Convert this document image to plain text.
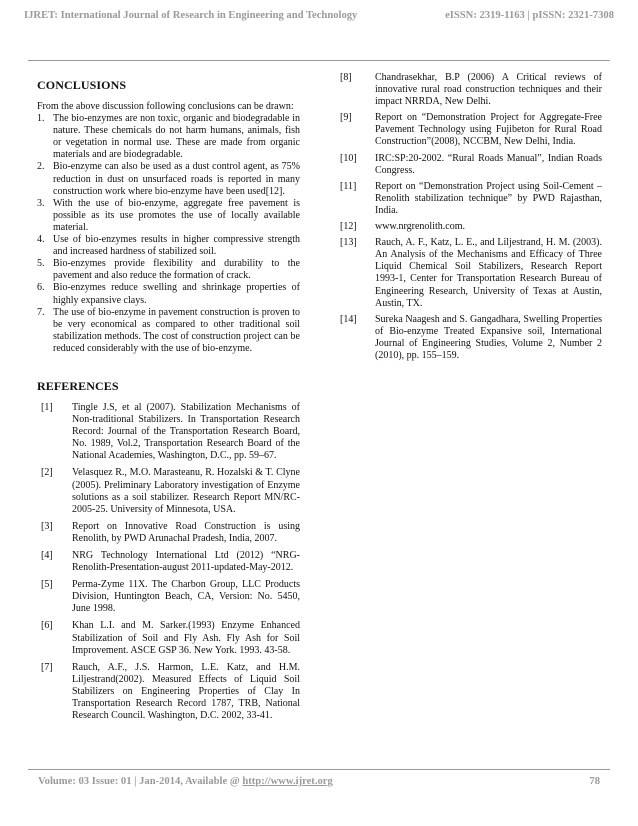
IJRET: International Journal of Research in Engineering and Technology	eISSN: 2319-1163 | pISSN: 2321-7308
CONCLUSIONS

From the above discussion following conclusions can be drawn:

1. The bio-enzymes are non toxic, organic and biodegradable in nature. These chemicals do not harm humans, animals, fish or vegetation in normal use. These are made from organic materials and are biodegradable.
2. Bio-enzyme can also be used as a dust control agent, as 75% reduction in dust on unsurfaced roads is reported in many construction work where bio-enzyme have been used[12].
3. With the use of bio-enzyme, aggregate free pavement is possible as its use promotes the use of locally available material.
4. Use of bio-enzymes results in higher compressive strength and increased hardness of stabilized soil.
5. Bio-enzymes provide flexibility and durability to the pavement and also reduce the formation of crack.
6. Bio-enzymes reduce swelling and shrinkage properties of highly expansive clays.
7. The use of bio-enzyme in pavement construction is proven to be very economical as compared to other traditional soil stabilization methods. The cost of construction project can be reduced considerably with the use of bio-enzyme.
REFERENCES
[1] Tingle J.S, et al (2007). Stabilization Mechanisms of Non-traditional Stabilizers. In Transportation Research Record: Journal of the Transportation Research Board, No. 1989, Vol.2, Transportation Research Board of the National Academies, Washington, D.C., pp. 59–67.
[2] Velasquez R., M.O. Marasteanu, R. Hozalski & T. Clyne (2005). Preliminary Laboratory investigation of Enzyme solutions as a soil stabilizer. Research Report MN/RC-2005-25. University of Minnesota, USA.
[3] Report on Innovative Road Construction is using Renolith, by PWD Arunachal Pradesh, India, 2007.
[4] NRG Technology International Ltd (2012) “NRG-Renolith-Presentation-august 2011-updated-May-2012.
[5] Perma-Zyme 11X. The Charbon Group, LLC Products Division, Huntington Beach, CA, Version: No. 5450, June 1998.
[6] Khan L.I. and M. Sarker.(1993) Enzyme Enhanced Stabilization of Soil and Fly Ash. Fly Ash for Soil Improvement. ASCE GSP 36. New York. 1993. 43-58.
[7] Rauch, A.F., J.S. Harmon, L.E. Katz, and H.M. Liljestrand(2002). Measured Effects of Liquid Soil Stabilizers on Engineering Properties of Clay In Transportation Research Record 1787, TRB, National Research Council. Washington, D.C. 2002, 33-41.
[8] Chandrasekhar, B.P (2006) A Critical reviews of innovative rural road construction techniques and their impact NRRDA, New Delhi.
[9] Report on “Demonstration Project for Aggregate-Free Pavement Technology using Fujibeton for Rural Road Construction”(2008), NCCBM, New Delhi, India.
[10] IRC:SP:20-2002. “Rural Roads Manual”, Indian Roads Congress.
[11] Report on “Demonstration Project using Soil-Cement – Renolith stabilization technique” by PWD Rajasthan, India.
[12] www.nrgrenolith.com.
[13] Rauch, A. F., Katz, L. E., and Liljestrand, H. M. (2003). An Analysis of the Mechanisms and Efficacy of Three Liquid Chemical Soil Stabilizers, Research Report 1993-1, Center for Transportation Research Bureau of Engineering Research, University of Texas at Austin, Austin, TX.
[14] Sureka Naagesh and S. Gangadhara, Swelling Properties of Bio-enzyme Treated Expansive soil, International Journal of Engineering Studies, Volume 2, Number 2 (2010), pp. 155–159.
Volume: 03 Issue: 01 | Jan-2014, Available @ http://www.ijret.org	78
